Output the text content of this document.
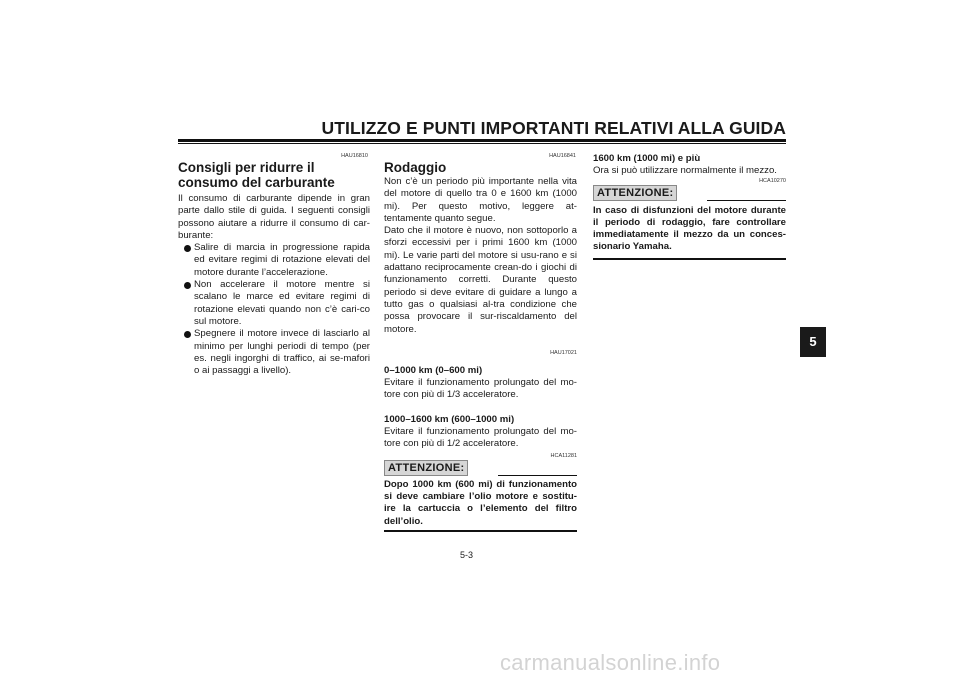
UTILIZZO E PUNTI IMPORTANTI RELATIVI ALLA GUIDA
HAU16810
Consigli per ridurre il consumo del carburante

Il consumo di carburante dipende in gran parte dallo stile di guida. I seguenti consigli possono aiutare a ridurre il consumo di car-burante:

Salire di marcia in progressione rapida ed evitare regimi di rotazione elevati del motore durante l’accelerazione.
Non accelerare il motore mentre si scalano le marce ed evitare regimi di rotazione elevati quando non c’è cari-co sul motore.
Spegnere il motore invece di lasciarlo al minimo per lunghi periodi di tempo (per es. negli ingorghi di traffico, ai se-mafori o ai passaggi a livello).
HAU16841
Rodaggio

Non c’è un periodo più importante nella vita del motore di quello tra 0 e 1600 km (1000 mi). Per questo motivo, leggere at-tentamente quanto segue.

Dato che il motore è nuovo, non sottoporlo a sforzi eccessivi per i primi 1600 km (1000 mi). Le varie parti del motore si usu-rano e si adattano reciprocamente crean-do i giochi di funzionamento corretti. Durante questo periodo si deve evitare di guidare a lungo a tutto gas o qualsiasi al-tra condizione che possa provocare il sur-riscaldamento del motore.

HAU17021

0–1000 km (0–600 mi)

Evitare il funzionamento prolungato del mo-tore con più di 1/3 acceleratore.

1000–1600 km (600–1000 mi)

Evitare il funzionamento prolungato del mo-tore con più di 1/2 acceleratore.

HCA11281
ATTENZIONE:
Dopo 1000 km (600 mi) di funzionamento si deve cambiare l’olio motore e sostitu-ire la cartuccia o l’elemento del filtro dell’olio.

1600 km (1000 mi) e più

Ora si può utilizzare normalmente il mezzo.

HCA10270
ATTENZIONE:
In caso di disfunzioni del motore durante il periodo di rodaggio, fare controllare immediatamente il mezzo da un conces-sionario Yamaha.
5
5-3
carmanualsonline.info
